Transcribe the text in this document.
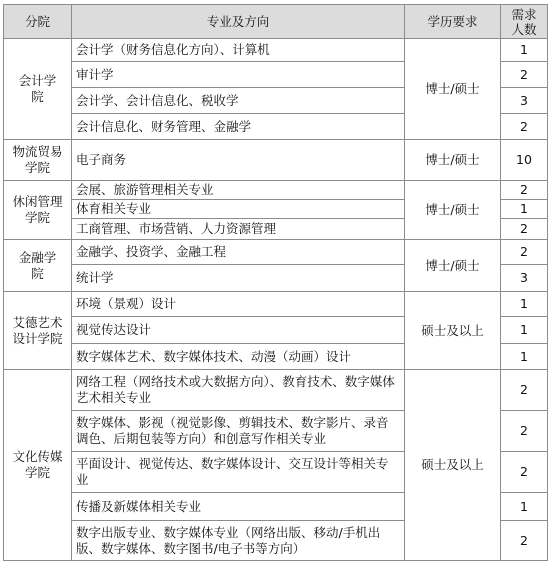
分院	专业及方向	学历要求	需求人数
会计学院	会计学（财务信息化方向）、计算机	博士/硕士	1
	审计学		2
	会计学、会计信息化、税收学		3
	会计信息化、财务管理、金融学		2
物流贸易学院	电子商务	博士/硕士	10
休闲管理学院	会展、旅游管理相关专业	博士/硕士	2
	体育相关专业		1
	工商管理、市场营销、人力资源管理		2
金融学院	金融学、投资学、金融工程	博士/硕士	2
	统计学		3
艾德艺术设计学院	环境（景观）设计	硕士及以上	1
	视觉传达设计		1
	数字媒体艺术、数字媒体技术、动漫（动画）设计		1
文化传媒学院	网络工程（网络技术或大数据方向）、教育技术、数字媒体艺术相关专业	硕士及以上	2
	数字媒体、影视（视觉影像、剪辑技术、数字影片、录音调色、后期包装等方向）和创意写作相关专业		2
	平面设计、视觉传达、数字媒体设计、交互设计等相关专业		2
	传播及新媒体相关专业		1
	数字出版专业、数字媒体专业（网络出版、移动/手机出版、数字媒体、数字图书/电子书等方向）		2
